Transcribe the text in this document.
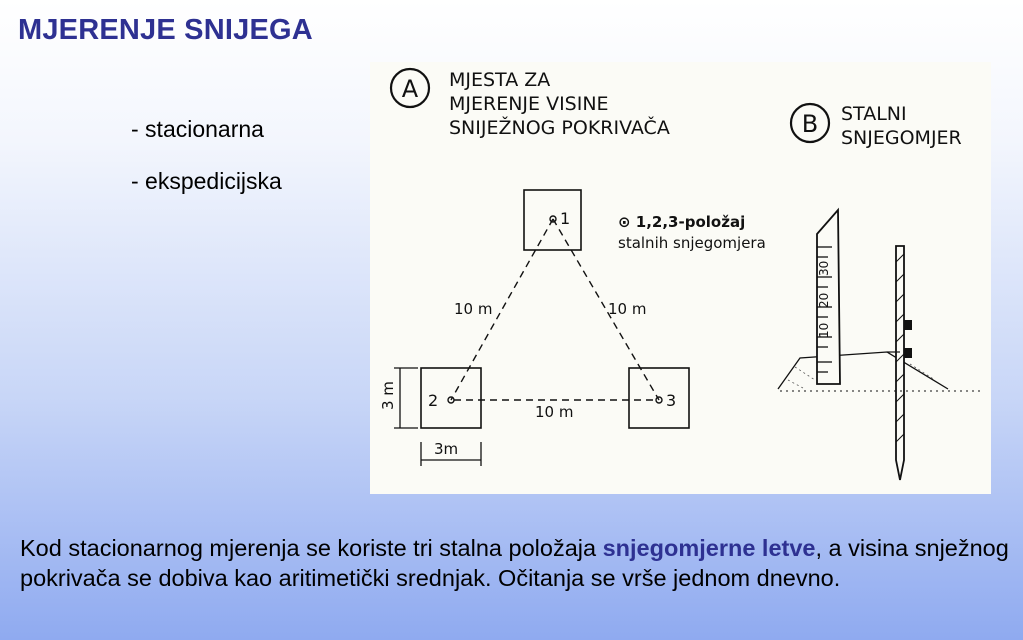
MJERENJE SNIJEGA
- stacionarna
- ekspedicijska
A MJESTA ZA
MJERENJE VISINE
SNIJEŽNOG POKRIVAČA	B STALNI
SNJEGOMJER
1	⊙ 1,2,3-položaj
stalnih snjegomjera
2	3
10 m	10 m
10 m
3 m
3m
30
20
10
Kod stacionarnog mjerenja se koriste tri stalna položaja snjegomjerne letve, a visina snježnog pokrivača se dobiva kao aritimetički srednjak. Očitanja se vrše jednom dnevno.
